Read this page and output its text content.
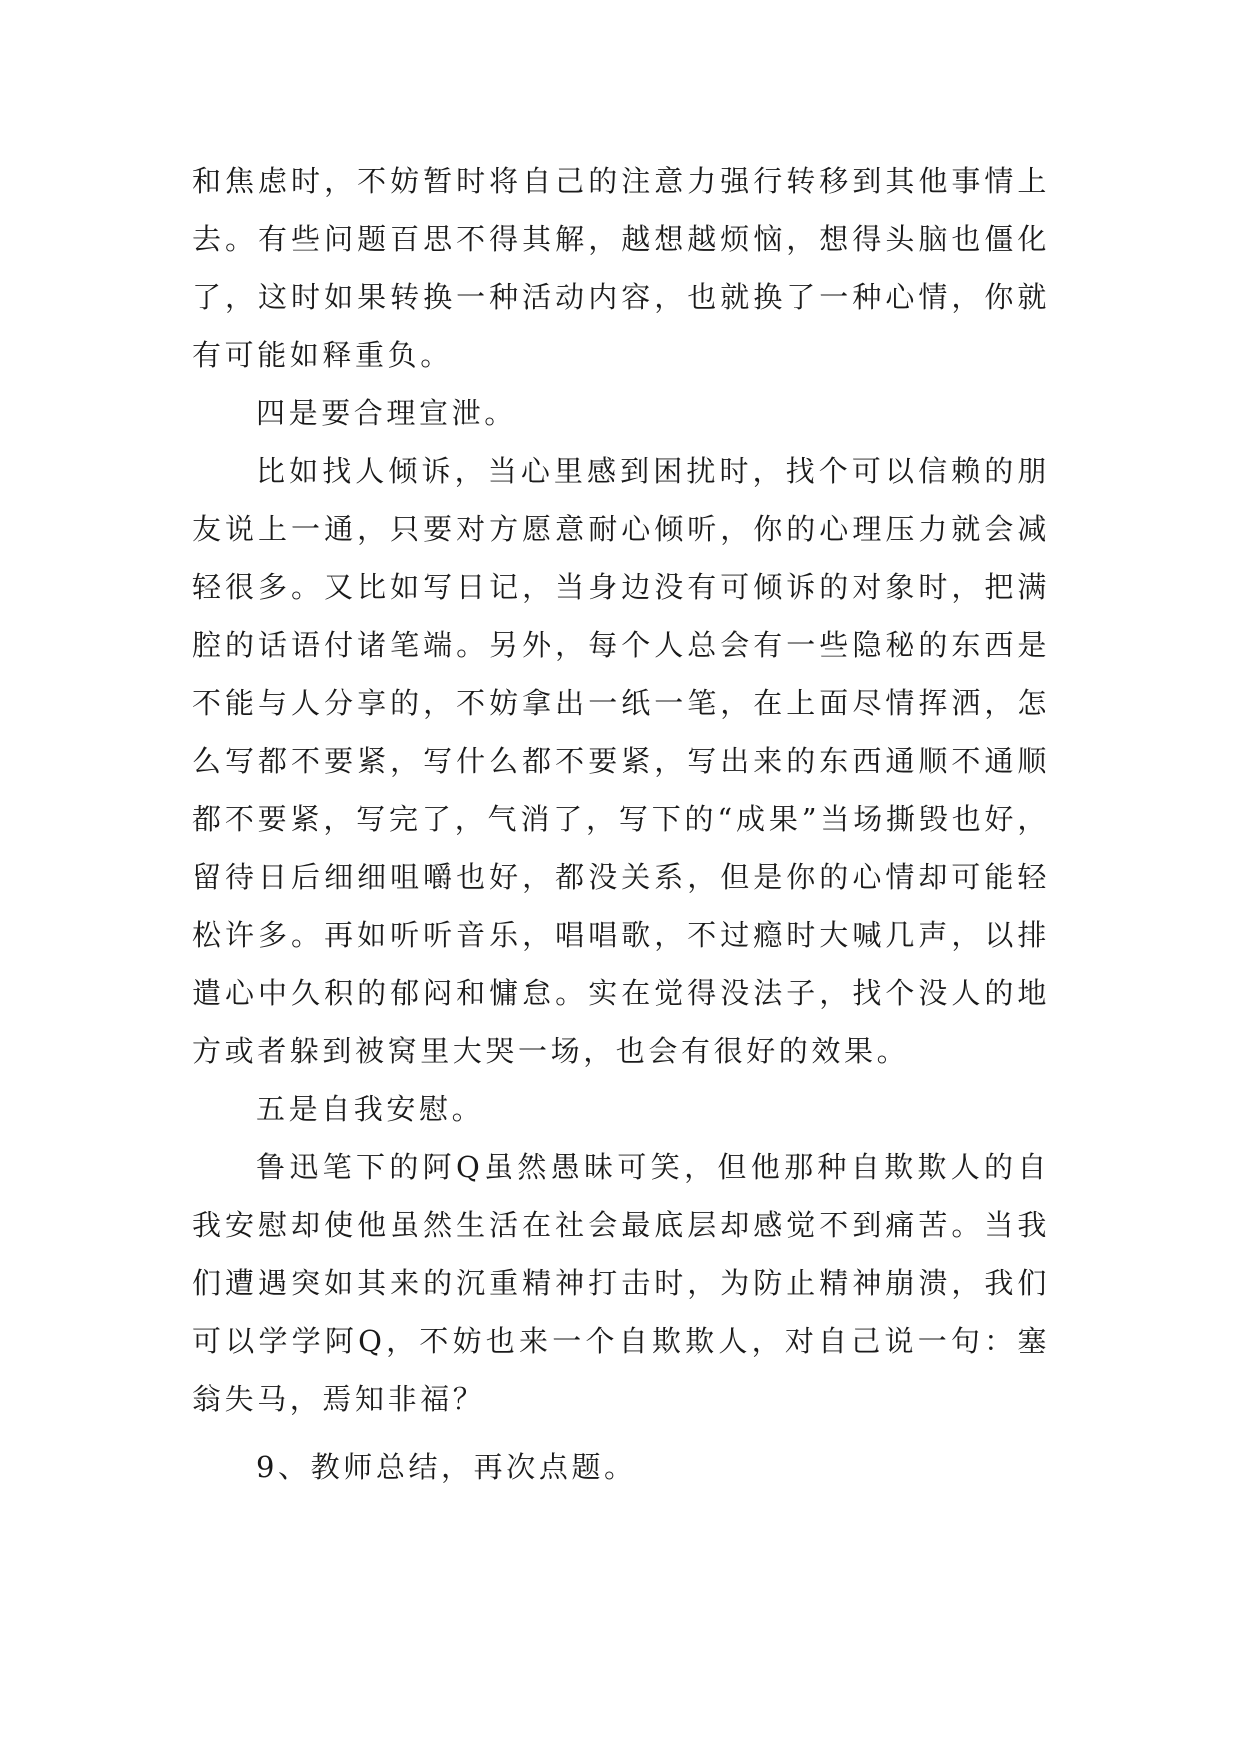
和焦虑时，不妨暂时将自己的注意力强行转移到其他事情上去。有些问题百思不得其解，越想越烦恼，想得头脑也僵化了，这时如果转换一种活动内容，也就换了一种心情，你就有可能如释重负。

四是要合理宣泄。

比如找人倾诉，当心里感到困扰时，找个可以信赖的朋友说上一通，只要对方愿意耐心倾听，你的心理压力就会减轻很多。又比如写日记，当身边没有可倾诉的对象时，把满腔的话语付诸笔端。另外，每个人总会有一些隐秘的东西是不能与人分享的，不妨拿出一纸一笔，在上面尽情挥洒，怎么写都不要紧，写什么都不要紧，写出来的东西通顺不通顺都不要紧，写完了，气消了，写下的“成果”当场撕毁也好，留待日后细细咀嚼也好，都没关系，但是你的心情却可能轻松许多。再如听听音乐，唱唱歌，不过瘾时大喊几声，以排遣心中久积的郁闷和慵怠。实在觉得没法子，找个没人的地方或者躲到被窝里大哭一场，也会有很好的效果。

五是自我安慰。

鲁迅笔下的阿Q虽然愚昧可笑，但他那种自欺欺人的自我安慰却使他虽然生活在社会最底层却感觉不到痛苦。当我们遭遇突如其来的沉重精神打击时，为防止精神崩溃，我们可以学学阿Q，不妨也来一个自欺欺人，对自己说一句：塞翁失马，焉知非福？

9、教师总结，再次点题。
